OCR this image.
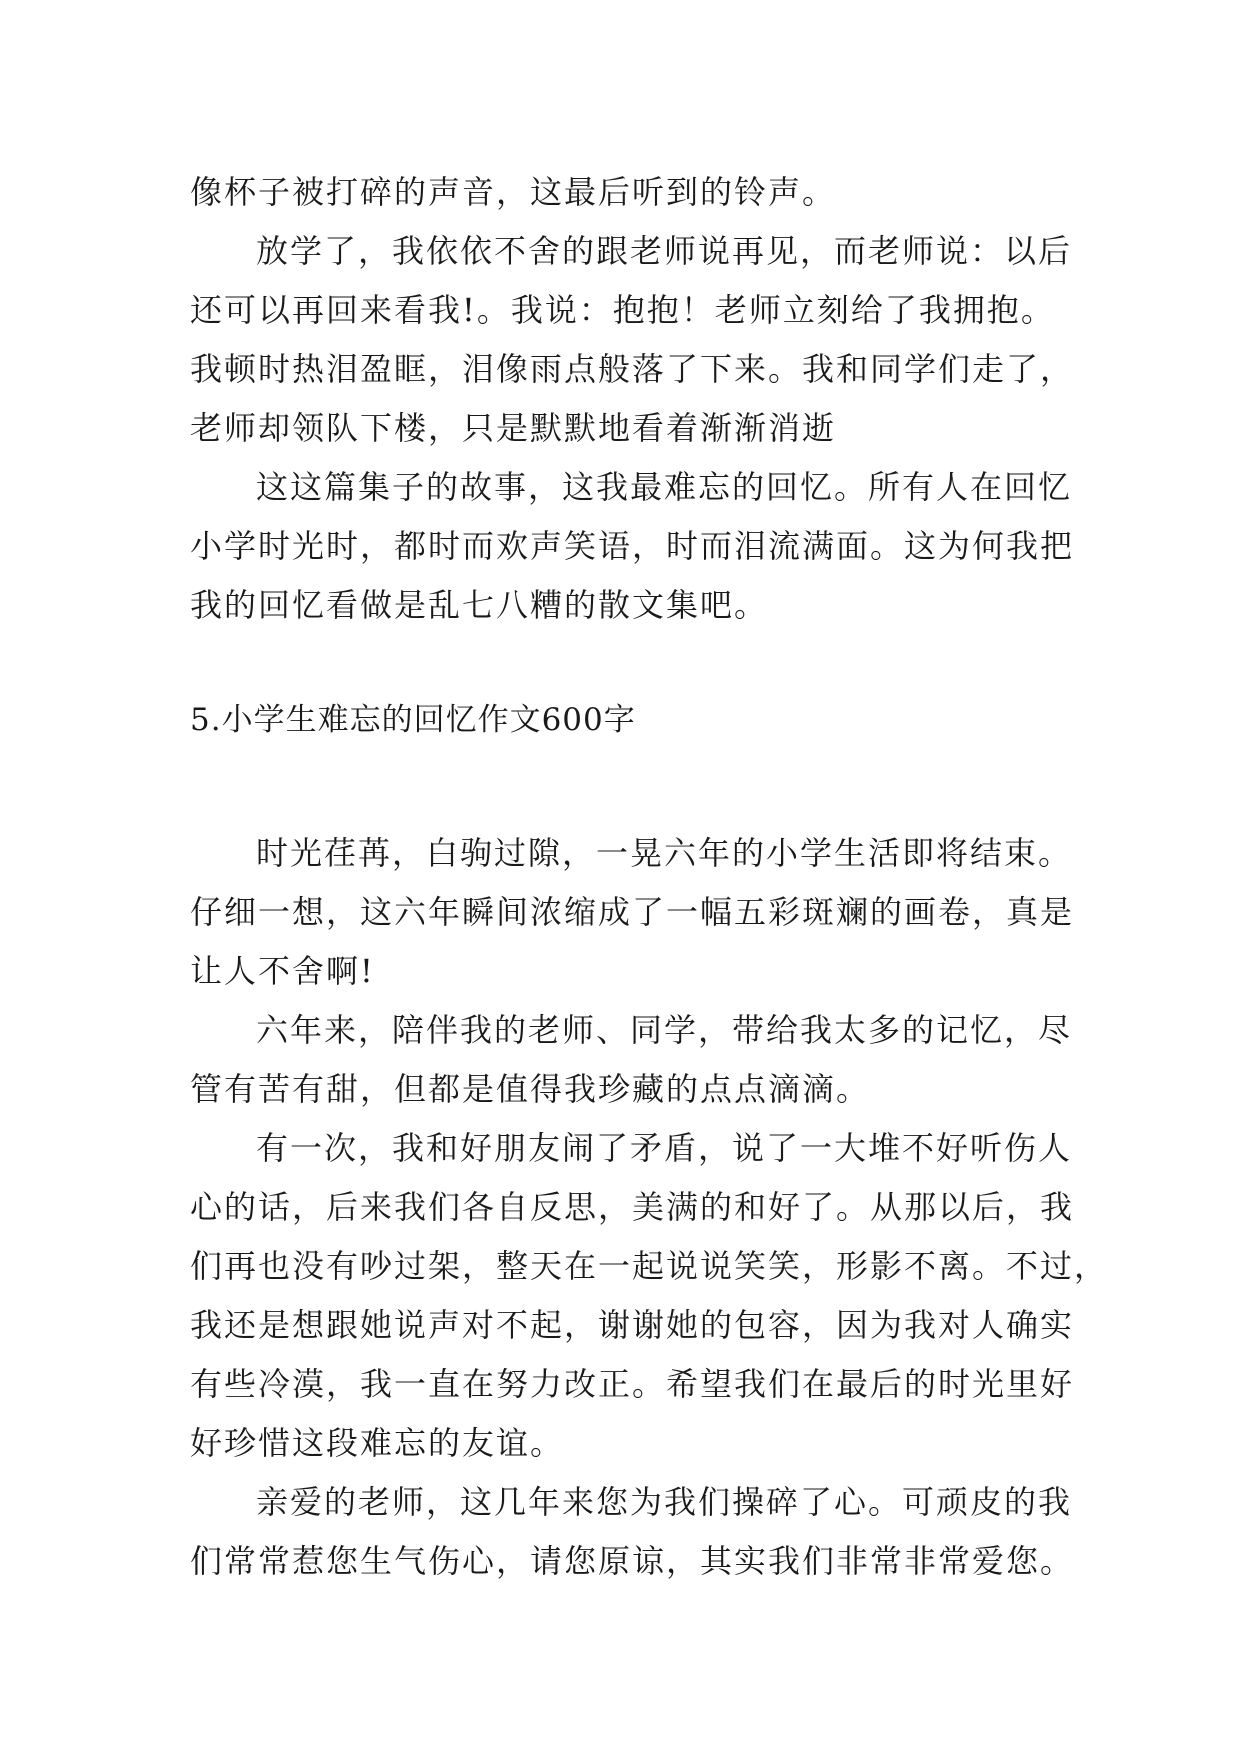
像杯子被打碎的声音，这最后听到的铃声。

放学了，我依依不舍的跟老师说再见，而老师说：以后
还可以再回来看我!。我说：抱抱！老师立刻给了我拥抱。
我顿时热泪盈眶，泪像雨点般落了下来。我和同学们走了，
老师却领队下楼，只是默默地看着渐渐消逝

这这篇集子的故事，这我最难忘的回忆。所有人在回忆
小学时光时，都时而欢声笑语，时而泪流满面。这为何我把
我的回忆看做是乱七八糟的散文集吧。

5.小学生难忘的回忆作文600字

时光荏苒，白驹过隙，一晃六年的小学生活即将结束。
仔细一想，这六年瞬间浓缩成了一幅五彩斑斓的画卷，真是
让人不舍啊!

六年来，陪伴我的老师、同学，带给我太多的记忆，尽
管有苦有甜，但都是值得我珍藏的点点滴滴。

有一次，我和好朋友闹了矛盾，说了一大堆不好听伤人
心的话，后来我们各自反思，美满的和好了。从那以后，我
们再也没有吵过架，整天在一起说说笑笑，形影不离。不过，
我还是想跟她说声对不起，谢谢她的包容，因为我对人确实
有些冷漠，我一直在努力改正。希望我们在最后的时光里好
好珍惜这段难忘的友谊。

亲爱的老师，这几年来您为我们操碎了心。可顽皮的我
们常常惹您生气伤心，请您原谅，其实我们非常非常爱您。
